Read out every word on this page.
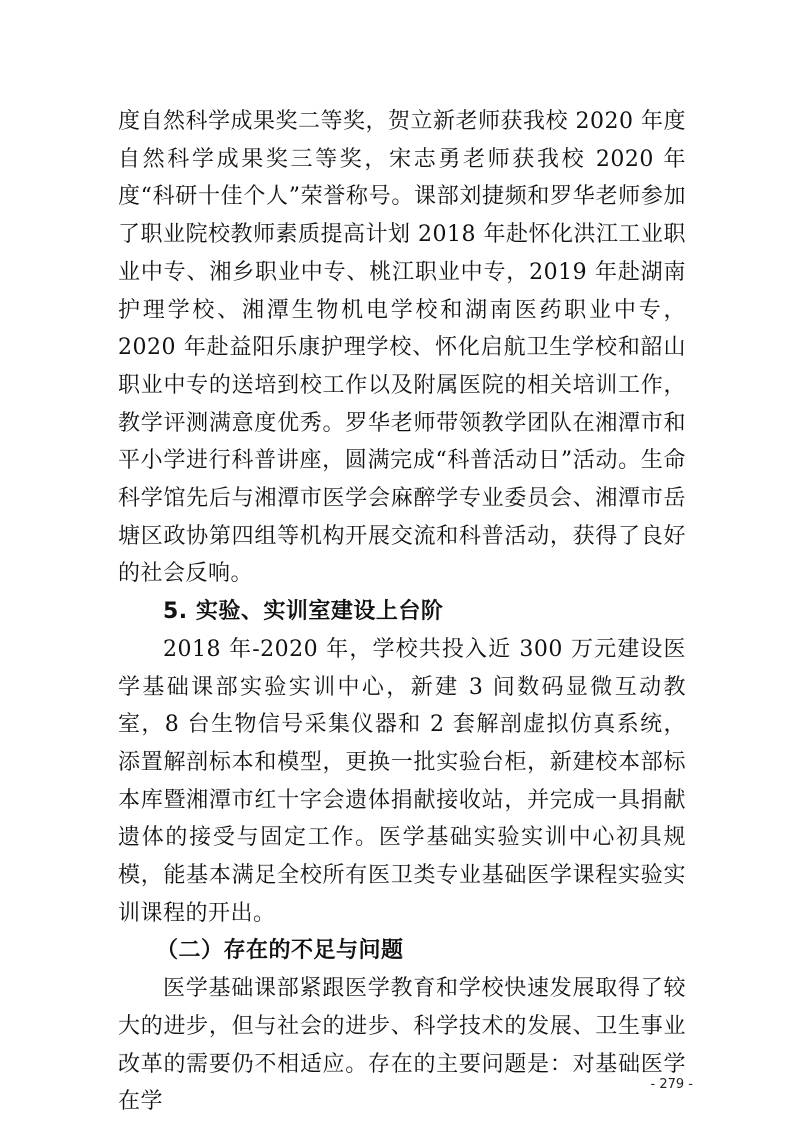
度自然科学成果奖二等奖，贺立新老师获我校 2020 年度自然科学成果奖三等奖，宋志勇老师获我校 2020 年度“科研十佳个人”荣誉称号。课部刘捷频和罗华老师参加了职业院校教师素质提高计划 2018 年赴怀化洪江工业职业中专、湘乡职业中专、桃江职业中专，2019 年赴湖南护理学校、湘潭生物机电学校和湖南医药职业中专，2020 年赴益阳乐康护理学校、怀化启航卫生学校和韶山职业中专的送培到校工作以及附属医院的相关培训工作，教学评测满意度优秀。罗华老师带领教学团队在湘潭市和平小学进行科普讲座，圆满完成“科普活动日”活动。生命科学馆先后与湘潭市医学会麻醉学专业委员会、湘潭市岳塘区政协第四组等机构开展交流和科普活动，获得了良好的社会反响。

5. 实验、实训室建设上台阶

2018 年-2020 年，学校共投入近 300 万元建设医学基础课部实验实训中心，新建 3 间数码显微互动教室，8 台生物信号采集仪器和 2 套解剖虚拟仿真系统，添置解剖标本和模型，更换一批实验台柜，新建校本部标本库暨湘潭市红十字会遗体捐献接收站，并完成一具捐献遗体的接受与固定工作。医学基础实验实训中心初具规模，能基本满足全校所有医卫类专业基础医学课程实验实训课程的开出。

（二）存在的不足与问题

医学基础课部紧跟医学教育和学校快速发展取得了较大的进步，但与社会的进步、科学技术的发展、卫生事业改革的需要仍不相适应。存在的主要问题是：对基础医学在学

- 279 -
